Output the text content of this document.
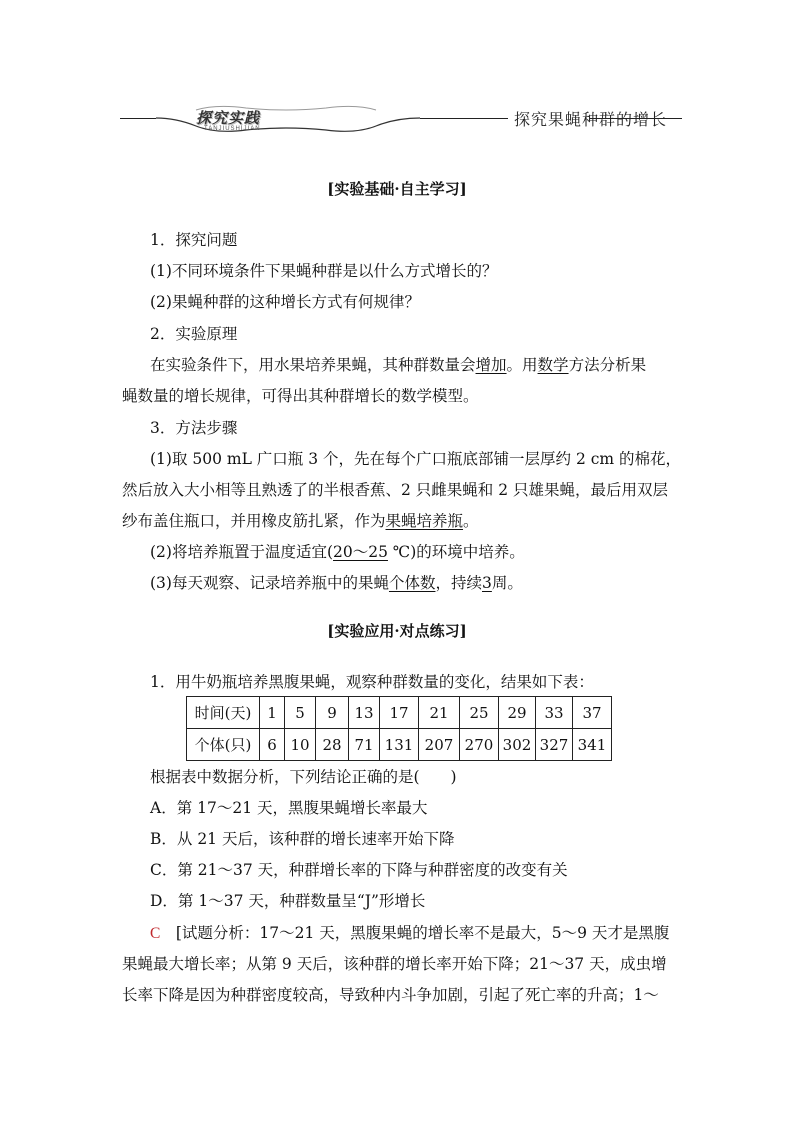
探究实践
TANJIUSHIJIAN	探究果蝇种群的增长
[实验基础·自主学习]
1．探究问题
(1)不同环境条件下果蝇种群是以什么方式增长的？
(2)果蝇种群的这种增长方式有何规律？
2．实验原理
在实验条件下，用水果培养果蝇，其种群数量会增加。用数学方法分析果
蝇数量的增长规律，可得出其种群增长的数学模型。
3．方法步骤
(1)取 500 mL 广口瓶 3 个，先在每个广口瓶底部铺一层厚约 2 cm 的棉花，
然后放入大小相等且熟透了的半根香蕉、2 只雌果蝇和 2 只雄果蝇，最后用双层
纱布盖住瓶口，并用橡皮筋扎紧，作为果蝇培养瓶。
(2)将培养瓶置于温度适宜(20～25 ℃)的环境中培养。
(3)每天观察、记录培养瓶中的果蝇个体数，持续3周。
[实验应用·对点练习]
1．用牛奶瓶培养黑腹果蝇，观察种群数量的变化，结果如下表：
时间(天)	1	5	9	13	17	21	25	29	33	37
个体(只)	6	10	28	71	131	207	270	302	327	341
根据表中数据分析，下列结论正确的是(　　)
A．第 17～21 天，黑腹果蝇增长率最大
B．从 21 天后，该种群的增长速率开始下降
C．第 21～37 天，种群增长率的下降与种群密度的改变有关
D．第 1～37 天，种群数量呈“J”形增长
C　 [试题分析：17～21 天，黑腹果蝇的增长率不是最大，5～9 天才是黑腹
果蝇最大增长率；从第 9 天后，该种群的增长率开始下降；21～37 天，成虫增
长率下降是因为种群密度较高，导致种内斗争加剧，引起了死亡率的升高；1～
